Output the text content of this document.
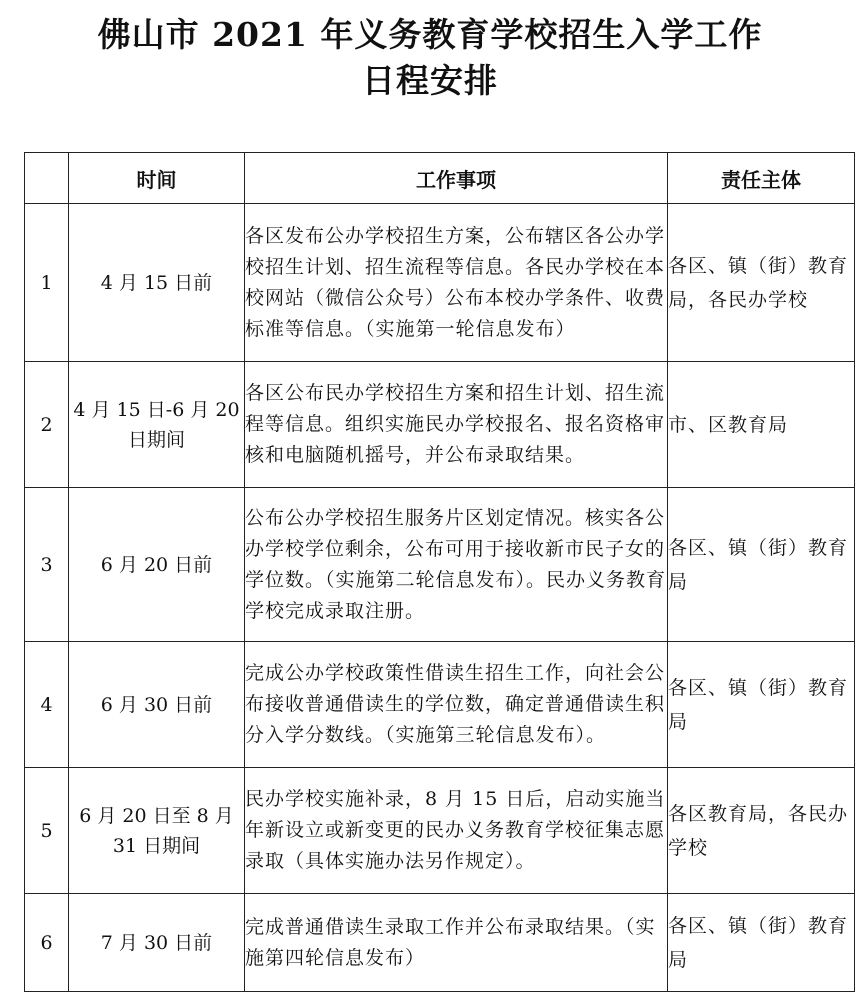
佛山市 2021 年义务教育学校招生入学工作
日程安排
	时间	工作事项	责任主体
1	4 月 15 日前	各区发布公办学校招生方案，公布辖区各公办学校招生计划、招生流程等信息。各民办学校在本校网站（微信公众号）公布本校办学条件、收费标准等信息。（实施第一轮信息发布）	各区、镇（街）教育局，各民办学校
2	4 月 15 日-6 月 20 日期间	各区公布民办学校招生方案和招生计划、招生流程等信息。组织实施民办学校报名、报名资格审核和电脑随机摇号，并公布录取结果。	市、区教育局
3	6 月 20 日前	公布公办学校招生服务片区划定情况。核实各公办学校学位剩余，公布可用于接收新市民子女的学位数。（实施第二轮信息发布）。民办义务教育学校完成录取注册。	各区、镇（街）教育局
4	6 月 30 日前	完成公办学校政策性借读生招生工作，向社会公布接收普通借读生的学位数，确定普通借读生积分入学分数线。（实施第三轮信息发布）。	各区、镇（街）教育局
5	6 月 20 日至 8 月 31 日期间	民办学校实施补录，8 月 15 日后，启动实施当年新设立或新变更的民办义务教育学校征集志愿录取（具体实施办法另作规定）。	各区教育局，各民办学校
6	7 月 30 日前	完成普通借读生录取工作并公布录取结果。（实施第四轮信息发布）	各区、镇（街）教育局
